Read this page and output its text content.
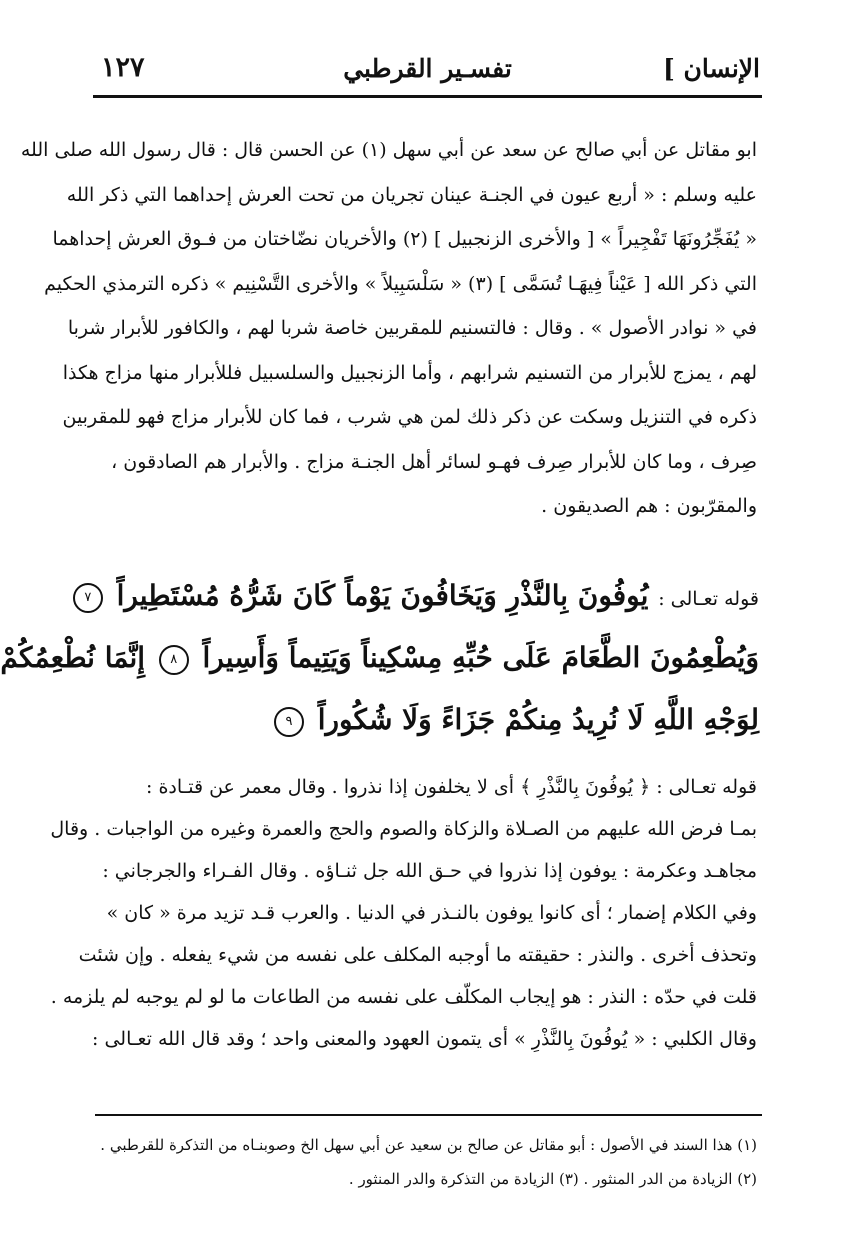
الإنسان ]
تفسـير القرطبي
١٢٧
ابو مقاتل عن أبي صالح عن سعد عن أبي سهل (١) عن الحسن قال : قال رسول الله صلى الله
عليه وسلم : « أربع عيون في الجنـة عينان تجريان من تحت العرش إحداهما التي ذكر الله
« يُفَجِّرُونَهَا تَفْجِيراً » [ والأخرى الزنجبيل ] (٢) والأخريان نضّاختان من فـوق العرش إحداهما
التي ذكر الله [ عَيْناً فِيهَـا تُسَمَّى ] (٣) « سَلْسَبِيلاً » والأخرى التَّسْنِيم » ذكره الترمذي الحكيم
في « نوادر الأصول » . وقال : فالتسنيم للمقربين خاصة شربا لهم ، والكافور للأبرار شربا
لهم ، يمزج للأبرار من التسنيم شرابهم ، وأما الزنجبيل والسلسبيل فللأبرار منها مزاج هكذا
ذكره في التنزيل وسكت عن ذكر ذلك لمن هي شرب ، فما كان للأبرار مزاج فهو للمقربين
صِرف ، وما كان للأبرار صِرف فهـو لسائر أهل الجنـة مزاج . والأبرار هم الصادقون ،
والمقرّبون : هم الصديقون .
قوله تعـالى : يُوفُونَ بِالنَّذْرِ وَيَخَافُونَ يَوْماً كَانَ شَرُّهُ مُسْتَطِيراً ٧
وَيُطْعِمُونَ الطَّعَامَ عَلَى حُبِّهِ مِسْكِيناً وَيَتِيماً وَأَسِيراً ٨ إِنَّمَا نُطْعِمُكُمْ
لِوَجْهِ اللَّهِ لَا نُرِيدُ مِنكُمْ جَزَاءً وَلَا شُكُوراً ٩
قوله تعـالى : ﴿ يُوفُونَ بِالنَّذْرِ ﴾ أى لا يخلفون إذا نذروا . وقال معمر عن قتـادة :
بمـا فرض الله عليهم من الصـلاة والزكاة والصوم والحج والعمرة وغيره من الواجبات . وقال
مجاهـد وعكرمة : يوفون إذا نذروا في حـق الله جل ثنـاؤه . وقال الفـراء والجرجاني :
وفي الكلام إضمار ؛ أى كانوا يوفون بالنـذر في الدنيا . والعرب قـد تزيد مرة « كان »
وتحذف أخرى . والنذر : حقيقته ما أوجبه المكلف على نفسه من شيء يفعله . وإن شئت
قلت في حدّه : النذر : هو إيجاب المكلّف على نفسه من الطاعات ما لو لم يوجبه لم يلزمه .
وقال الكلبي : « يُوفُونَ بِالنَّذْرِ » أى يتمون العهود والمعنى واحد ؛ وقد قال الله تعـالى :
(١) هذا السند في الأصول : أبو مقاتل عن صالح بن سعيد عن أبي سهل الخ وصوبنـاه من التذكرة للقرطبي .
(٢) الزيادة من الدر المنثور . (٣) الزيادة من التذكرة والدر المنثور .
